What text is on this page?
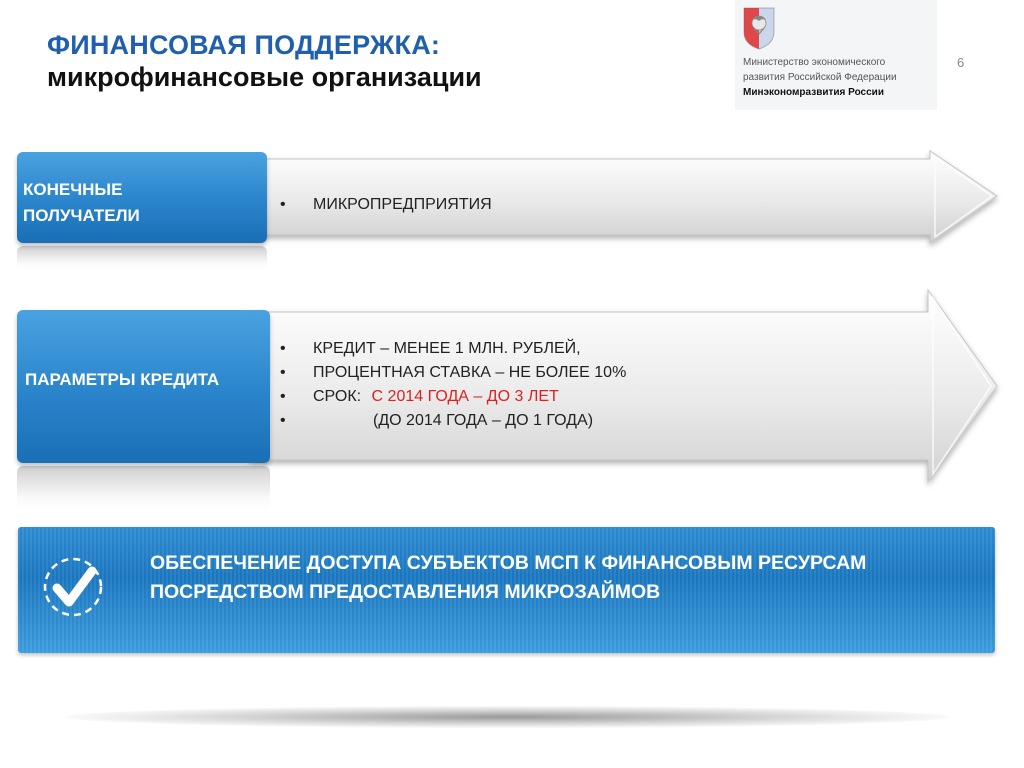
ФИНАНСОВАЯ ПОДДЕРЖКА:
микрофинансовые организации	Министерство экономического
развития Российской Федерации
Минэкономразвития России
6
КОНЕЧНЫЕ
ПОЛУЧАТЕЛИ
• МИКРОПРЕДПРИЯТИЯ
ПАРАМЕТРЫ КРЕДИТА
• КРЕДИТ – МЕНЕЕ 1 МЛН. РУБЛЕЙ,
• ПРОЦЕНТНАЯ СТАВКА – НЕ БОЛЕЕ 10%
• СРОК: С 2014 ГОДА – ДО 3 ЛЕТ
•	(ДО 2014 ГОДА – ДО 1 ГОДА)
ОБЕСПЕЧЕНИЕ ДОСТУПА СУБЪЕКТОВ МСП К ФИНАНСОВЫМ РЕСУРСАМ
ПОСРЕДСТВОМ ПРЕДОСТАВЛЕНИЯ МИКРОЗАЙМОВ
